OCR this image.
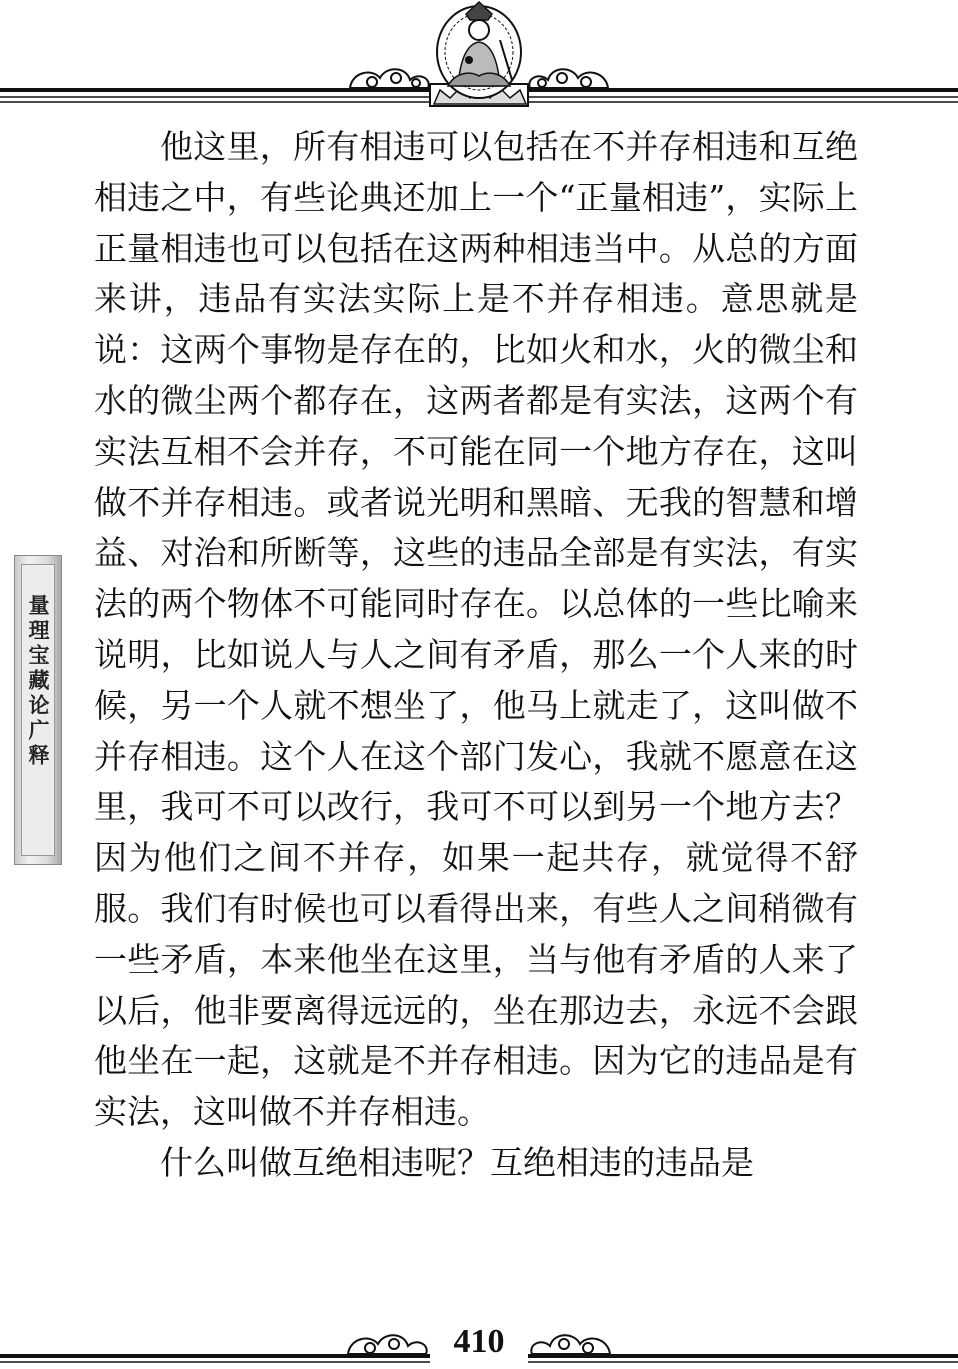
量理宝藏论广释

他这里，所有相违可以包括在不并存相违和互绝相违之中，有些论典还加上一个“正量相违”，实际上正量相违也可以包括在这两种相违当中。从总的方面来讲，违品有实法实际上是不并存相违。意思就是说：这两个事物是存在的，比如火和水，火的微尘和水的微尘两个都存在，这两者都是有实法，这两个有实法互相不会并存，不可能在同一个地方存在，这叫做不并存相违。或者说光明和黑暗、无我的智慧和增益、对治和所断等，这些的违品全部是有实法，有实法的两个物体不可能同时存在。以总体的一些比喻来说明，比如说人与人之间有矛盾，那么一个人来的时候，另一个人就不想坐了，他马上就走了，这叫做不并存相违。这个人在这个部门发心，我就不愿意在这里，我可不可以改行，我可不可以到另一个地方去？因为他们之间不并存，如果一起共存，就觉得不舒服。我们有时候也可以看得出来，有些人之间稍微有一些矛盾，本来他坐在这里，当与他有矛盾的人来了以后，他非要离得远远的，坐在那边去，永远不会跟他坐在一起，这就是不并存相违。因为它的违品是有实法，这叫做不并存相违。

什么叫做互绝相违呢？互绝相违的违品是

410
